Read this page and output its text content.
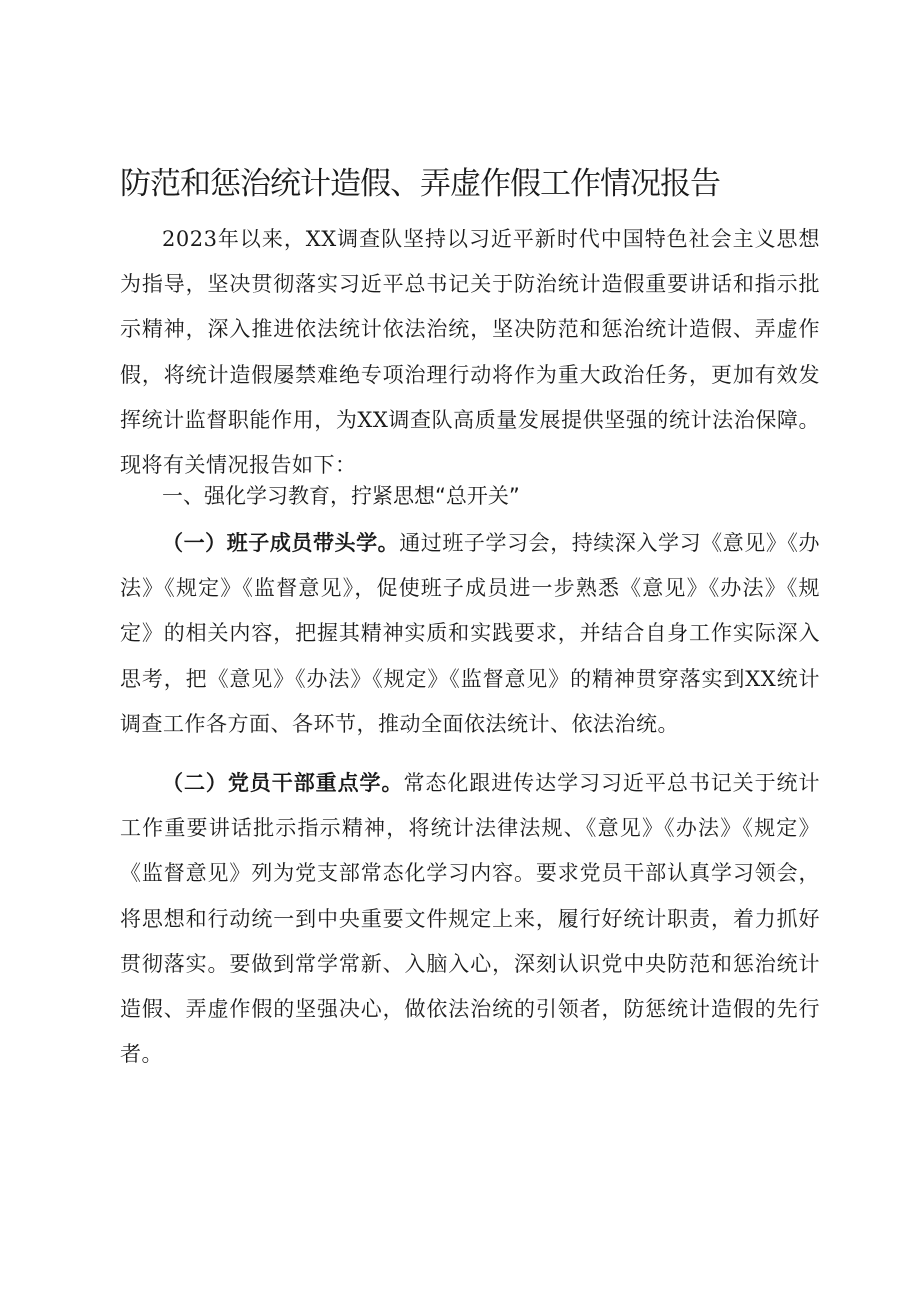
防范和惩治统计造假、弄虚作假工作情况报告

2023年以来，XX调查队坚持以习近平新时代中国特色社会主义思想为指导，坚决贯彻落实习近平总书记关于防治统计造假重要讲话和指示批示精神，深入推进依法统计依法治统，坚决防范和惩治统计造假、弄虚作假，将统计造假屡禁难绝专项治理行动将作为重大政治任务，更加有效发挥统计监督职能作用，为XX调查队高质量发展提供坚强的统计法治保障。现将有关情况报告如下：

一、强化学习教育，拧紧思想“总开关”

（一）班子成员带头学。通过班子学习会，持续深入学习《意见》《办法》《规定》《监督意见》，促使班子成员进一步熟悉《意见》《办法》《规定》的相关内容，把握其精神实质和实践要求，并结合自身工作实际深入思考，把《意见》《办法》《规定》《监督意见》的精神贯穿落实到XX统计调查工作各方面、各环节，推动全面依法统计、依法治统。

（二）党员干部重点学。常态化跟进传达学习习近平总书记关于统计工作重要讲话批示指示精神，将统计法律法规、《意见》《办法》《规定》《监督意见》列为党支部常态化学习内容。要求党员干部认真学习领会，将思想和行动统一到中央重要文件规定上来，履行好统计职责，着力抓好贯彻落实。要做到常学常新、入脑入心，深刻认识党中央防范和惩治统计造假、弄虚作假的坚强决心，做依法治统的引领者，防惩统计造假的先行者。
